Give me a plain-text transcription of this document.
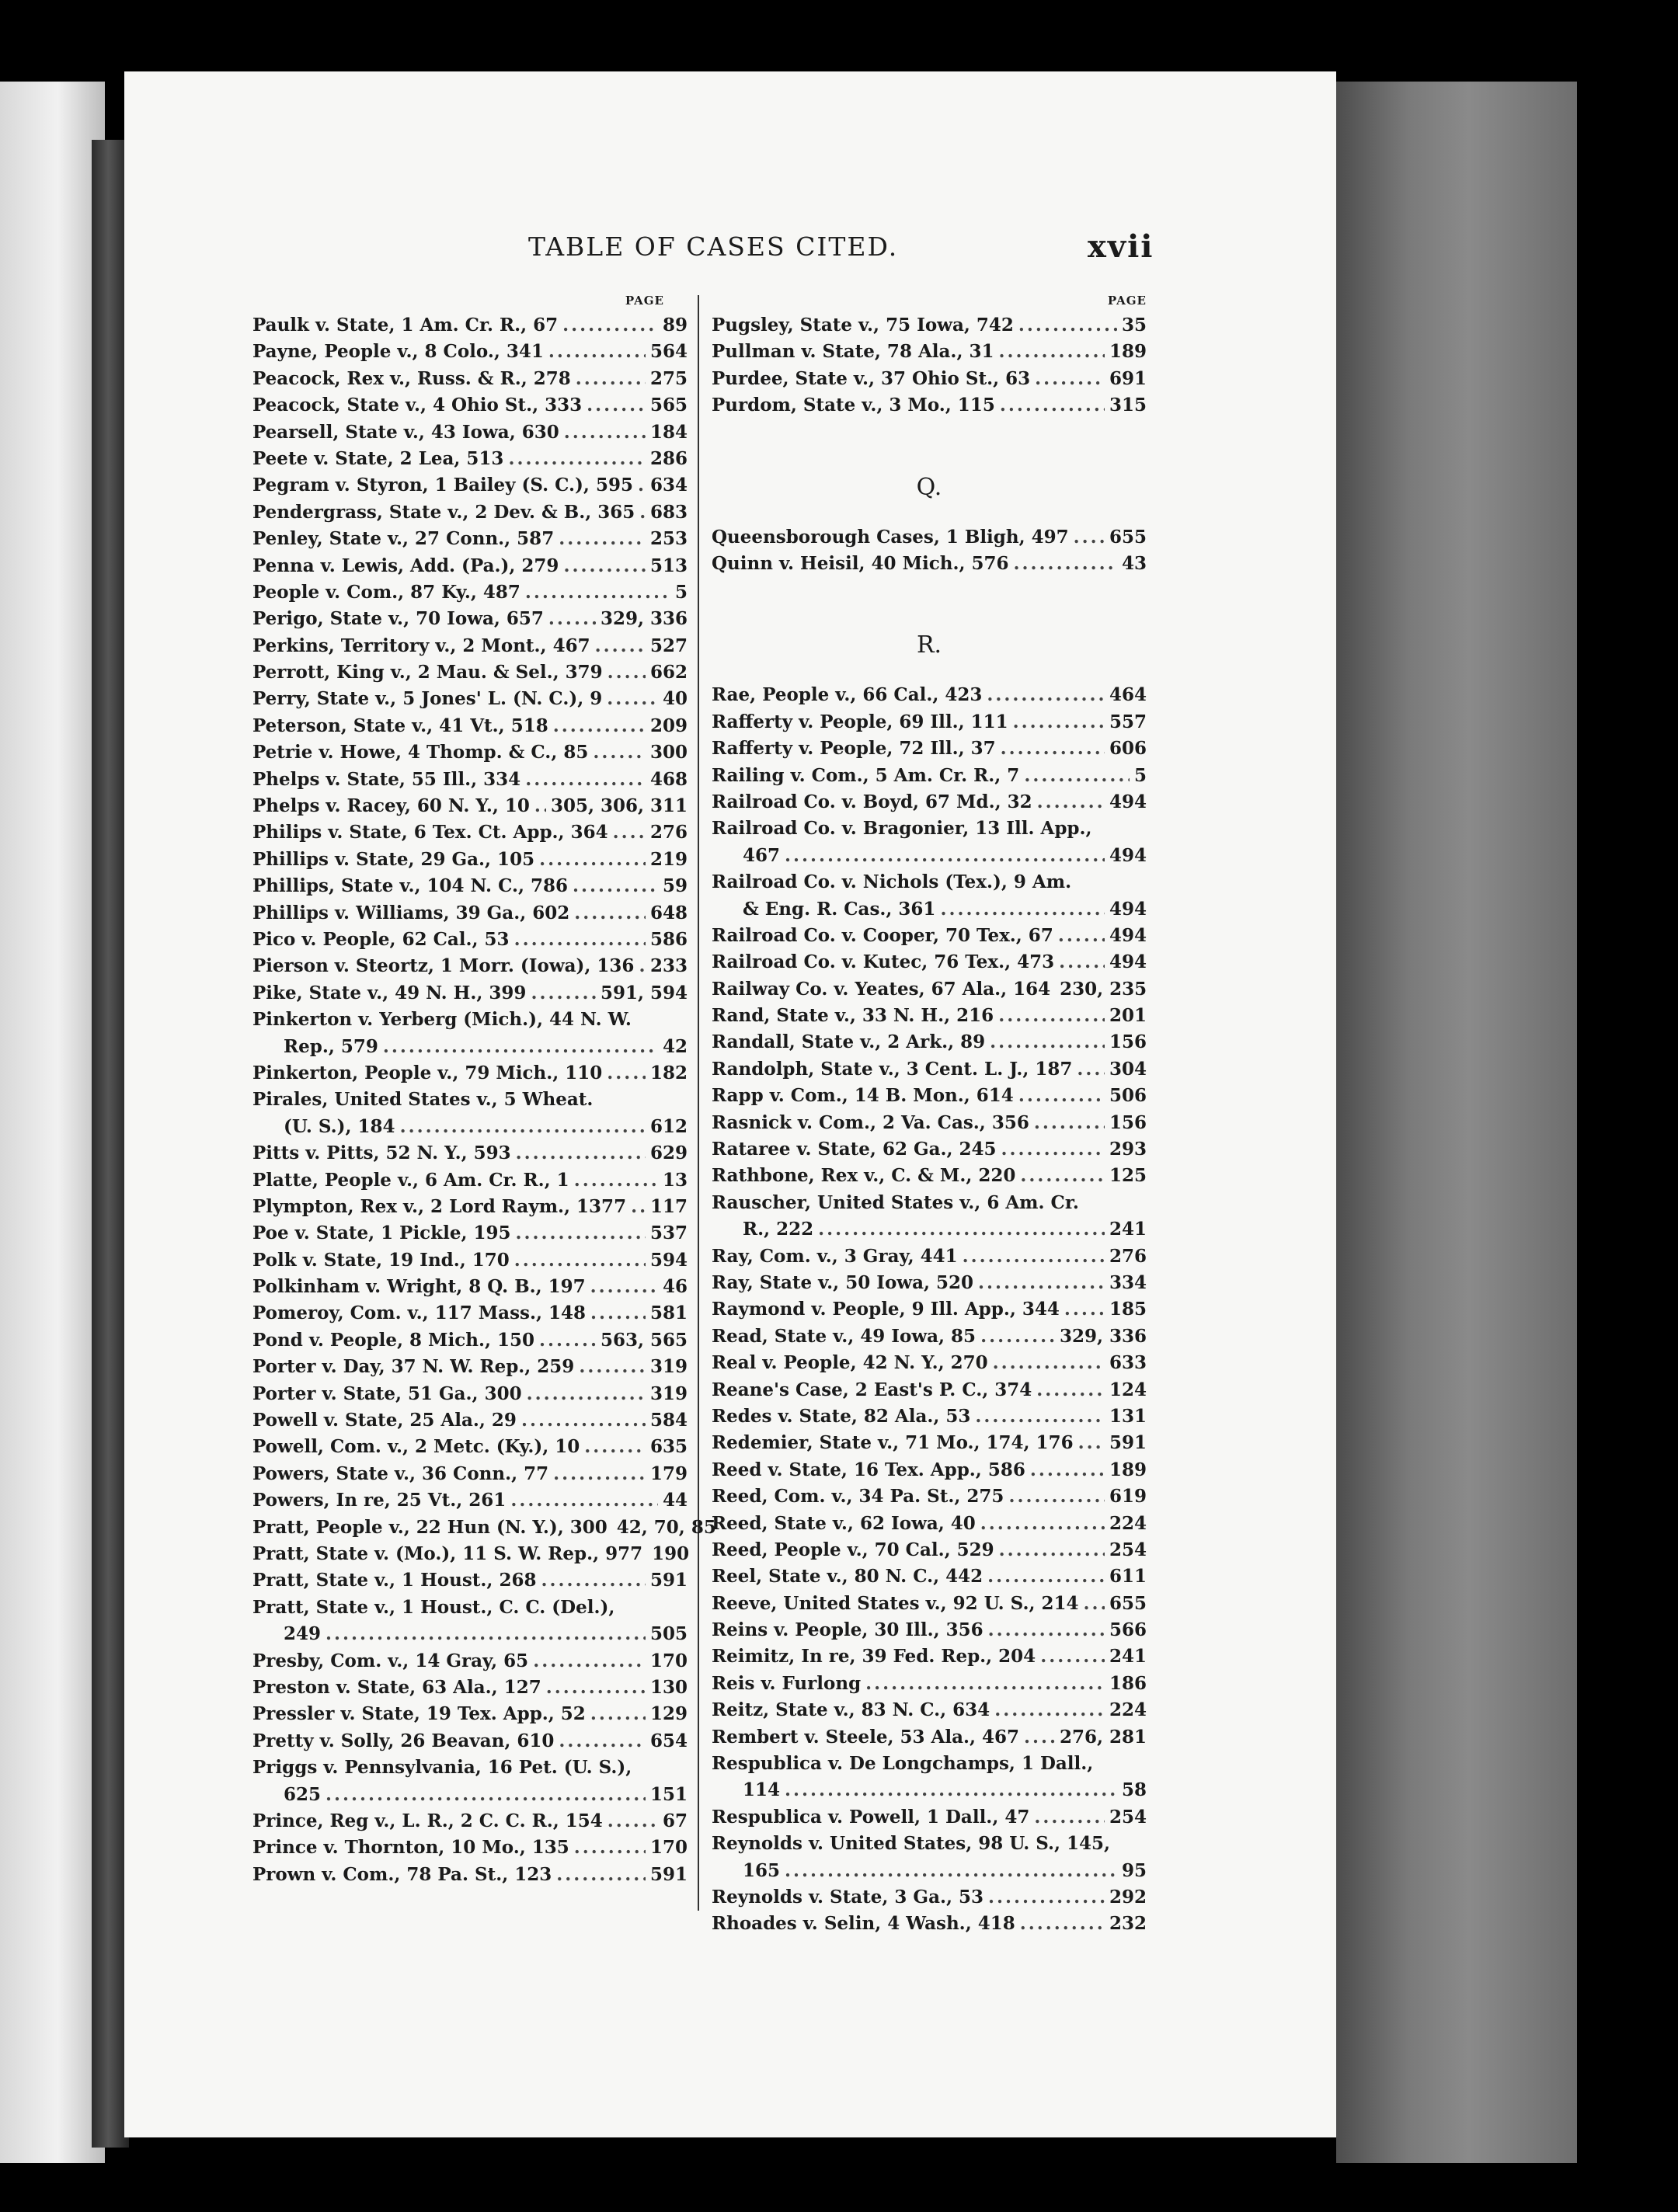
TABLE OF CASES CITED.	xvii
PAGE
Paulk v. State, 1 Am. Cr. R., 67 .....	89
Payne, People v., 8 Colo., 341 .....	564
Peacock, Rex v., Russ. & R., 278 .....	275
Peacock, State v., 4 Ohio St., 333 .....	565
Pearsell, State v., 43 Iowa, 630 .....	184
Peete v. State, 2 Lea, 513 .....	286
Pegram v. Styron, 1 Bailey (S. C.), 595 ..... 634
Pendergrass, State v., 2 Dev. & B., 365 ..... 683
Penley, State v., 27 Conn., 587 .....	253
Penna v. Lewis, Add. (Pa.), 279 .....	513
People v. Com., 87 Ky., 487 .....	5
Perigo, State v., 70 Iowa, 657 .....	329, 336
Perkins, Territory v., 2 Mont., 467 .....	527
Perrott, King v., 2 Mau. & Sel., 379 .....	662
Perry, State v., 5 Jones' L. (N. C.), 9 .....	40
Peterson, State v., 41 Vt., 518 .....	209
Petrie v. Howe, 4 Thomp. & C., 85 .....	300
Phelps v. State, 55 Ill., 334 .....	468
Phelps v. Racey, 60 N. Y., 10 ..... 305, 306, 311
Philips v. State, 6 Tex. Ct. App., 364 ..... 276
Phillips v. State, 29 Ga., 105 .....	219
Phillips, State v., 104 N. C., 786 .....	59
Phillips v. Williams, 39 Ga., 602 .....	648
Pico v. People, 62 Cal., 53 .....	586
Pierson v. Steortz, 1 Morr. (Iowa), 136 ..... 233
Pike, State v., 49 N. H., 399 .....	591, 594
Pinkerton v. Yerberg (Mich.), 44 N. W.
Rep., 579 .....	42
Pinkerton, People v., 79 Mich., 110 .....	182
Pirales, United States v., 5 Wheat.
(U. S.), 184 .....	612
Pitts v. Pitts, 52 N. Y., 593 .....	629
Platte, People v., 6 Am. Cr. R., 1 .....	13
Plympton, Rex v., 2 Lord Raym., 1377 ..... 117
Poe v. State, 1 Pickle, 195 .....	537
Polk v. State, 19 Ind., 170 .....	594
Polkinham v. Wright, 8 Q. B., 197 .....	46
Pomeroy, Com. v., 117 Mass., 148 .....	581
Pond v. People, 8 Mich., 150 .....	563, 565
Porter v. Day, 37 N. W. Rep., 259 .....	319
Porter v. State, 51 Ga., 300 .....	319
Powell v. State, 25 Ala., 29 .....	584
Powell, Com. v., 2 Metc. (Ky.), 10 .....	635
Powers, State v., 36 Conn., 77 .....	179
Powers, In re, 25 Vt., 261 .....	44
Pratt, People v., 22 Hun (N. Y.), 300 42, 70, 85
Pratt, State v. (Mo.), 11 S. W. Rep., 977 190
Pratt, State v., 1 Houst., 268 .....	591
Pratt, State v., 1 Houst., C. C. (Del.),
249 .....	505
Presby, Com. v., 14 Gray, 65 .....	170
Preston v. State, 63 Ala., 127 .....	130
Pressler v. State, 19 Tex. App., 52 .....	129
Pretty v. Solly, 26 Beavan, 610 .....	654
Priggs v. Pennsylvania, 16 Pet. (U. S.),
625 .....	151
Prince, Reg v., L. R., 2 C. C. R., 154 .....	67
Prince v. Thornton, 10 Mo., 135 .....	170
Prown v. Com., 78 Pa. St., 123 .....	591
PAGE
Pugsley, State v., 75 Iowa, 742 .....	35
Pullman v. State, 78 Ala., 31 .....	189
Purdee, State v., 37 Ohio St., 63 .....	691
Purdom, State v., 3 Mo., 115 .....	315
Q.
Queensborough Cases, 1 Bligh, 497 ..... 655
Quinn v. Heisil, 40 Mich., 576 .....	43
R.
Rae, People v., 66 Cal., 423 .....	464
Rafferty v. People, 69 Ill., 111 .....	557
Rafferty v. People, 72 Ill., 37 .....	606
Railing v. Com., 5 Am. Cr. R., 7 .....	5
Railroad Co. v. Boyd, 67 Md., 32 .....	494
Railroad Co. v. Bragonier, 13 Ill. App.,
467 .....	494
Railroad Co. v. Nichols (Tex.), 9 Am.
& Eng. R. Cas., 361 .....	494
Railroad Co. v. Cooper, 70 Tex., 67 .....	494
Railroad Co. v. Kutec, 76 Tex., 473 .....	494
Railway Co. v. Yeates, 67 Ala., 164 230, 235
Rand, State v., 33 N. H., 216 .....	201
Randall, State v., 2 Ark., 89 .....	156
Randolph, State v., 3 Cent. L. J., 187 ..... 304
Rapp v. Com., 14 B. Mon., 614 .....	506
Rasnick v. Com., 2 Va. Cas., 356 .....	156
Rataree v. State, 62 Ga., 245 .....	293
Rathbone, Rex v., C. & M., 220 .....	125
Rauscher, United States v., 6 Am. Cr.
R., 222 .....	241
Ray, Com. v., 3 Gray, 441 .....	276
Ray, State v., 50 Iowa, 520 .....	334
Raymond v. People, 9 Ill. App., 344 .....	185
Read, State v., 49 Iowa, 85 .....	329, 336
Real v. People, 42 N. Y., 270 .....	633
Reane's Case, 2 East's P. C., 374 .....	124
Redes v. State, 82 Ala., 53 .....	131
Redemier, State v., 71 Mo., 174, 176 ..... 591
Reed v. State, 16 Tex. App., 586 .....	189
Reed, Com. v., 34 Pa. St., 275 .....	619
Reed, State v., 62 Iowa, 40 .....	224
Reed, People v., 70 Cal., 529 .....	254
Reel, State v., 80 N. C., 442 .....	611
Reeve, United States v., 92 U. S., 214 ..... 655
Reins v. People, 30 Ill., 356 .....	566
Reimitz, In re, 39 Fed. Rep., 204 .....	241
Reis v. Furlong .....	186
Reitz, State v., 83 N. C., 634 .....	224
Rembert v. Steele, 53 Ala., 467 ..... 276, 281
Respublica v. De Longchamps, 1 Dall.,
114 .....	58
Respublica v. Powell, 1 Dall., 47 .....	254
Reynolds v. United States, 98 U. S., 145,
165 .....	95
Reynolds v. State, 3 Ga., 53 .....	292
Rhoades v. Selin, 4 Wash., 418 .....	232
